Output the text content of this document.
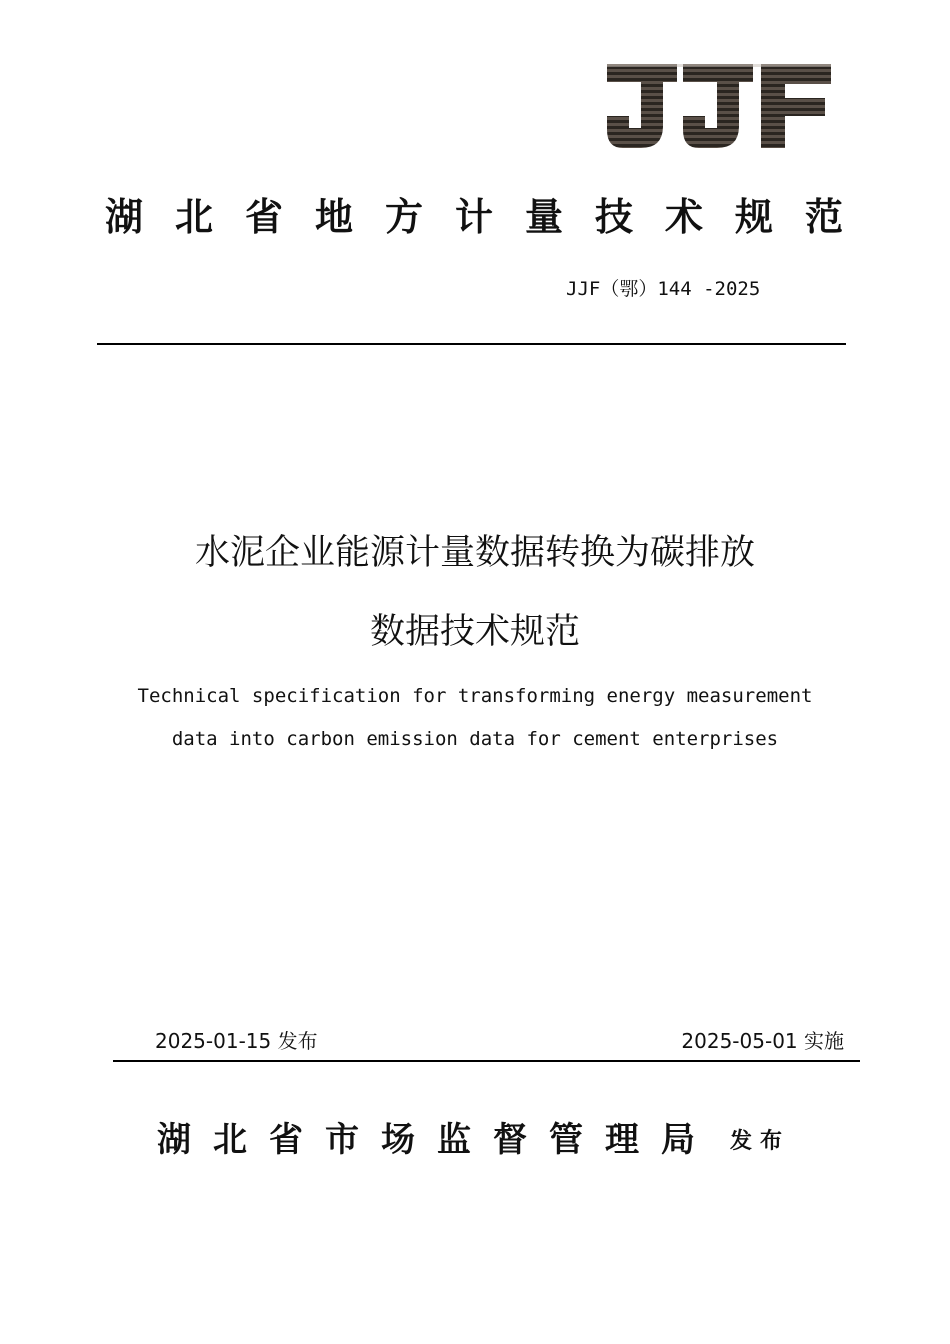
湖北省地方计量技术规范
JJF（鄂）144 -2025
水泥企业能源计量数据转换为碳排放
数据技术规范
Technical specification for transforming energy measurement
data into carbon emission data for cement enterprises
2025-01-15 发布	2025-05-01 实施
湖北省市场监督管理局 发布
